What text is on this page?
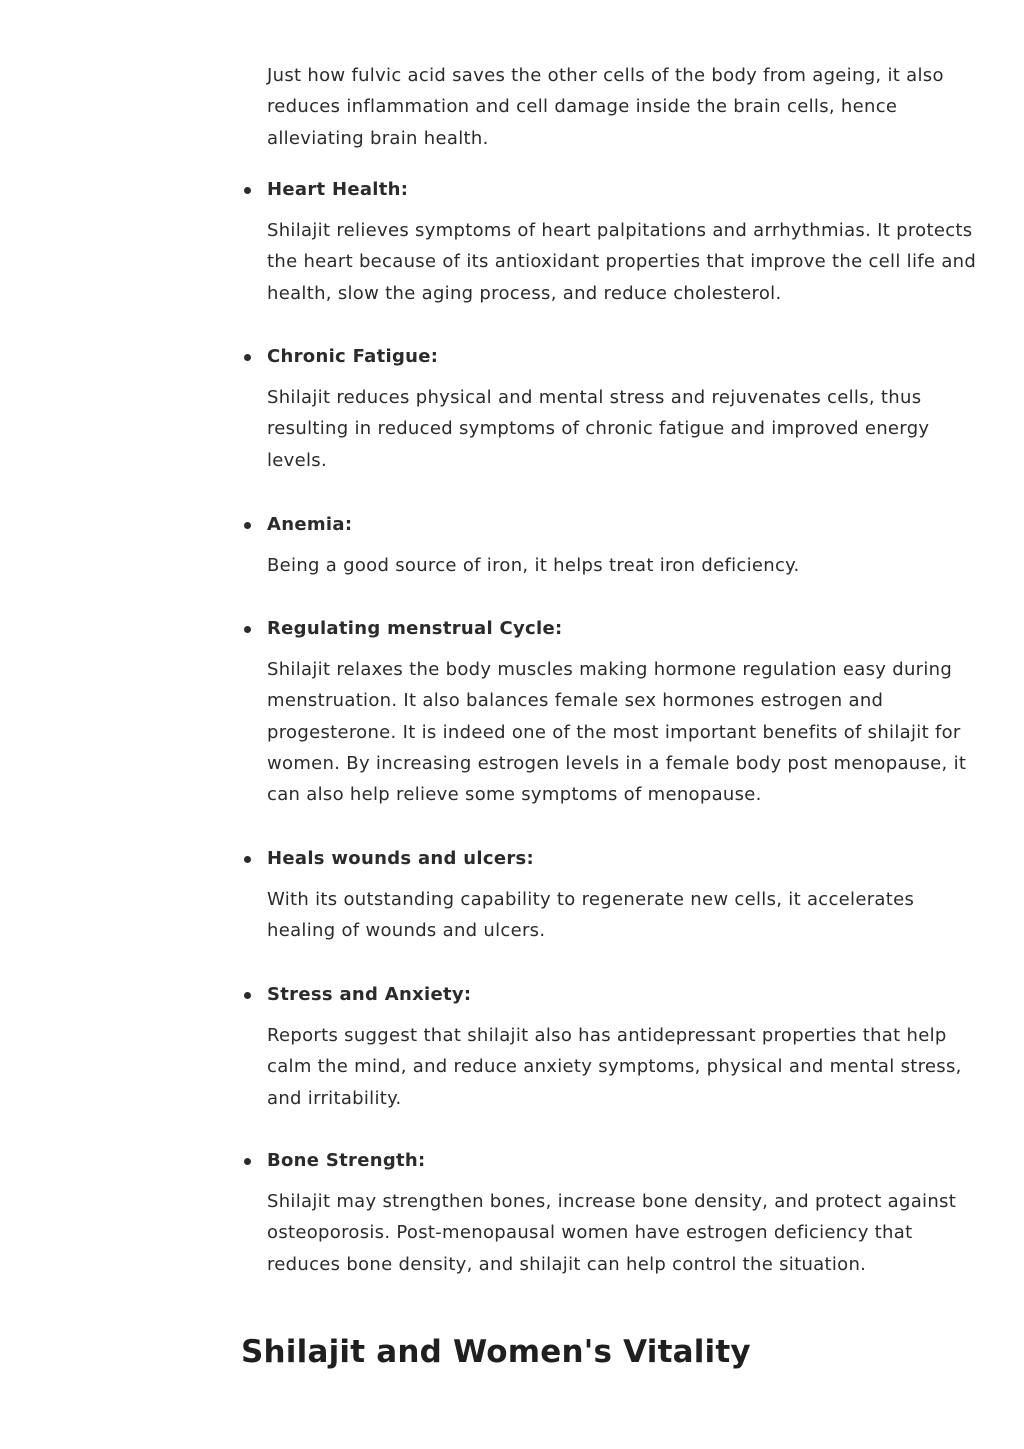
Just how fulvic acid saves the other cells of the body from ageing, it also reduces inflammation and cell damage inside the brain cells, hence alleviating brain health.

Heart Health:

Shilajit relieves symptoms of heart palpitations and arrhythmias. It protects the heart because of its antioxidant properties that improve the cell life and health, slow the aging process, and reduce cholesterol.

Chronic Fatigue:

Shilajit reduces physical and mental stress and rejuvenates cells, thus resulting in reduced symptoms of chronic fatigue and improved energy levels.

Anemia:

Being a good source of iron, it helps treat iron deficiency.

Regulating menstrual Cycle:

Shilajit relaxes the body muscles making hormone regulation easy during menstruation. It also balances female sex hormones estrogen and progesterone. It is indeed one of the most important benefits of shilajit for women. By increasing estrogen levels in a female body post menopause, it can also help relieve some symptoms of menopause.

Heals wounds and ulcers:

With its outstanding capability to regenerate new cells, it accelerates healing of wounds and ulcers.

Stress and Anxiety:

Reports suggest that shilajit also has antidepressant properties that help calm the mind, and reduce anxiety symptoms, physical and mental stress, and irritability.

Bone Strength:

Shilajit may strengthen bones, increase bone density, and protect against osteoporosis. Post-menopausal women have estrogen deficiency that reduces bone density, and shilajit can help control the situation.

Shilajit and Women's Vitality
